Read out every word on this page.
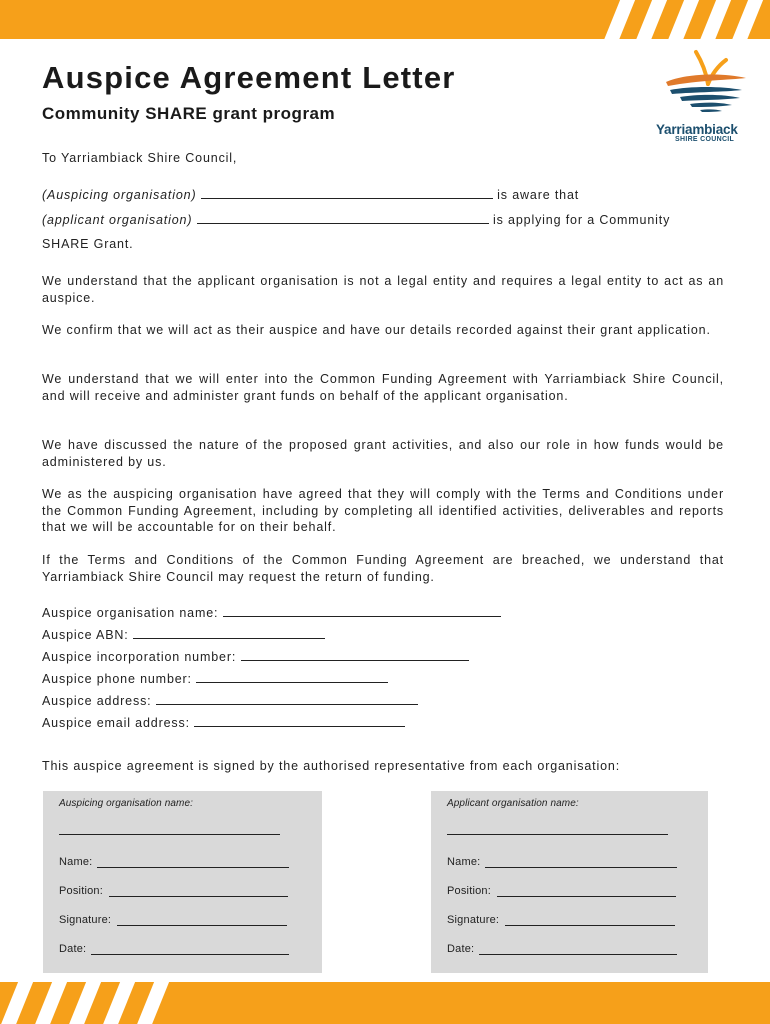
Auspice Agreement Letter
Community SHARE grant program
Yarriambiack
SHIRE COUNCIL
To Yarriambiack Shire Council,
(Auspicing organisation)	is aware that
(applicant organisation)	is applying for a Community
SHARE Grant.
We understand that the applicant organisation is not a legal entity and requires a legal entity to act as an auspice.
We confirm that we will act as their auspice and have our details recorded against their grant application.
We understand that we will enter into the Common Funding Agreement with Yarriambiack Shire Council, and will receive and administer grant funds on behalf of the applicant organisation.
We have discussed the nature of the proposed grant activities, and also our role in how funds would be administered by us.
We as the auspicing organisation have agreed that they will comply with the Terms and Conditions under the Common Funding Agreement, including by completing all identified activities, deliverables and reports that we will be accountable for on their behalf.
If the Terms and Conditions of the Common Funding Agreement are breached, we understand that Yarriambiack Shire Council may request the return of funding.
Auspice organisation name:
Auspice ABN:
Auspice incorporation number:
Auspice phone number:
Auspice address:
Auspice email address:
This auspice agreement is signed by the authorised representative from each organisation:
Auspicing organisation name:
Name:
Position:
Signature:
Date:
Applicant organisation name:
Name:
Position:
Signature:
Date:
